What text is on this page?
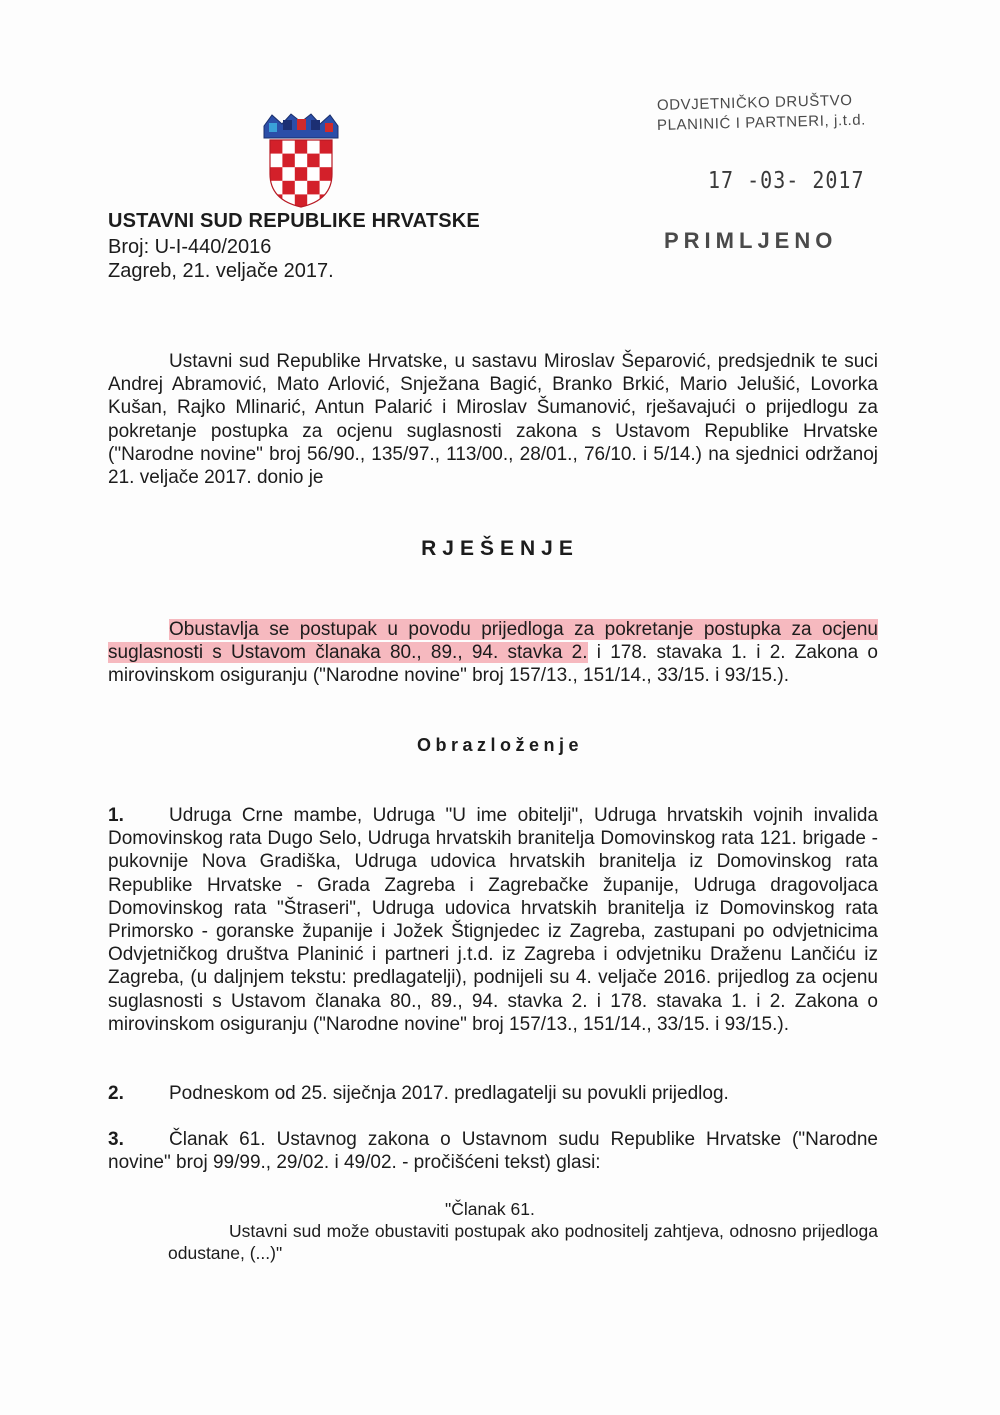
USTAVNI SUD REPUBLIKE HRVATSKE
Broj: U-I-440/2016
Zagreb, 21. veljače 2017.
ODVJETNIČKO DRUŠTVO
PLANINIĆ I PARTNERI, j.t.d.
17 -03- 2017
PRIMLJENO
Ustavni sud Republike Hrvatske, u sastavu Miroslav Šeparović, predsjednik te suci Andrej Abramović, Mato Arlović, Snježana Bagić, Branko Brkić, Mario Jelušić, Lovorka Kušan, Rajko Mlinarić, Antun Palarić i Miroslav Šumanović, rješavajući o prijedlogu za pokretanje postupka za ocjenu suglasnosti zakona s Ustavom Republike Hrvatske ("Narodne novine" broj 56/90., 135/97., 113/00., 28/01., 76/10. i 5/14.) na sjednici održanoj 21. veljače 2017. donio je
RJEŠENJE
Obustavlja se postupak u povodu prijedloga za pokretanje postupka za ocjenu suglasnosti s Ustavom članaka 80., 89., 94. stavka 2. i 178. stavaka 1. i 2. Zakona o mirovinskom osiguranju ("Narodne novine" broj 157/13., 151/14., 33/15. i 93/15.).
Obrazloženje
1. Udruga Crne mambe, Udruga "U ime obitelji", Udruga hrvatskih vojnih invalida Domovinskog rata Dugo Selo, Udruga hrvatskih branitelja Domovinskog rata 121. brigade - pukovnije Nova Gradiška, Udruga udovica hrvatskih branitelja iz Domovinskog rata Republike Hrvatske - Grada Zagreba i Zagrebačke županije, Udruga dragovoljaca Domovinskog rata "Štraseri", Udruga udovica hrvatskih branitelja iz Domovinskog rata Primorsko - goranske županije i Jožek Štignjedec iz Zagreba, zastupani po odvjetnicima Odvjetničkog društva Planinić i partneri j.t.d. iz Zagreba i odvjetniku Draženu Lančiću iz Zagreba, (u daljnjem tekstu: predlagatelji), podnijeli su 4. veljače 2016. prijedlog za ocjenu suglasnosti s Ustavom članaka 80., 89., 94. stavka 2. i 178. stavaka 1. i 2. Zakona o mirovinskom osiguranju ("Narodne novine" broj 157/13., 151/14., 33/15. i 93/15.).
2. Podneskom od 25. siječnja 2017. predlagatelji su povukli prijedlog.
3. Članak 61. Ustavnog zakona o Ustavnom sudu Republike Hrvatske ("Narodne novine" broj 99/99., 29/02. i 49/02. - pročišćeni tekst) glasi:
"Članak 61.
Ustavni sud može obustaviti postupak ako podnositelj zahtjeva, odnosno prijedloga odustane, (...)"
